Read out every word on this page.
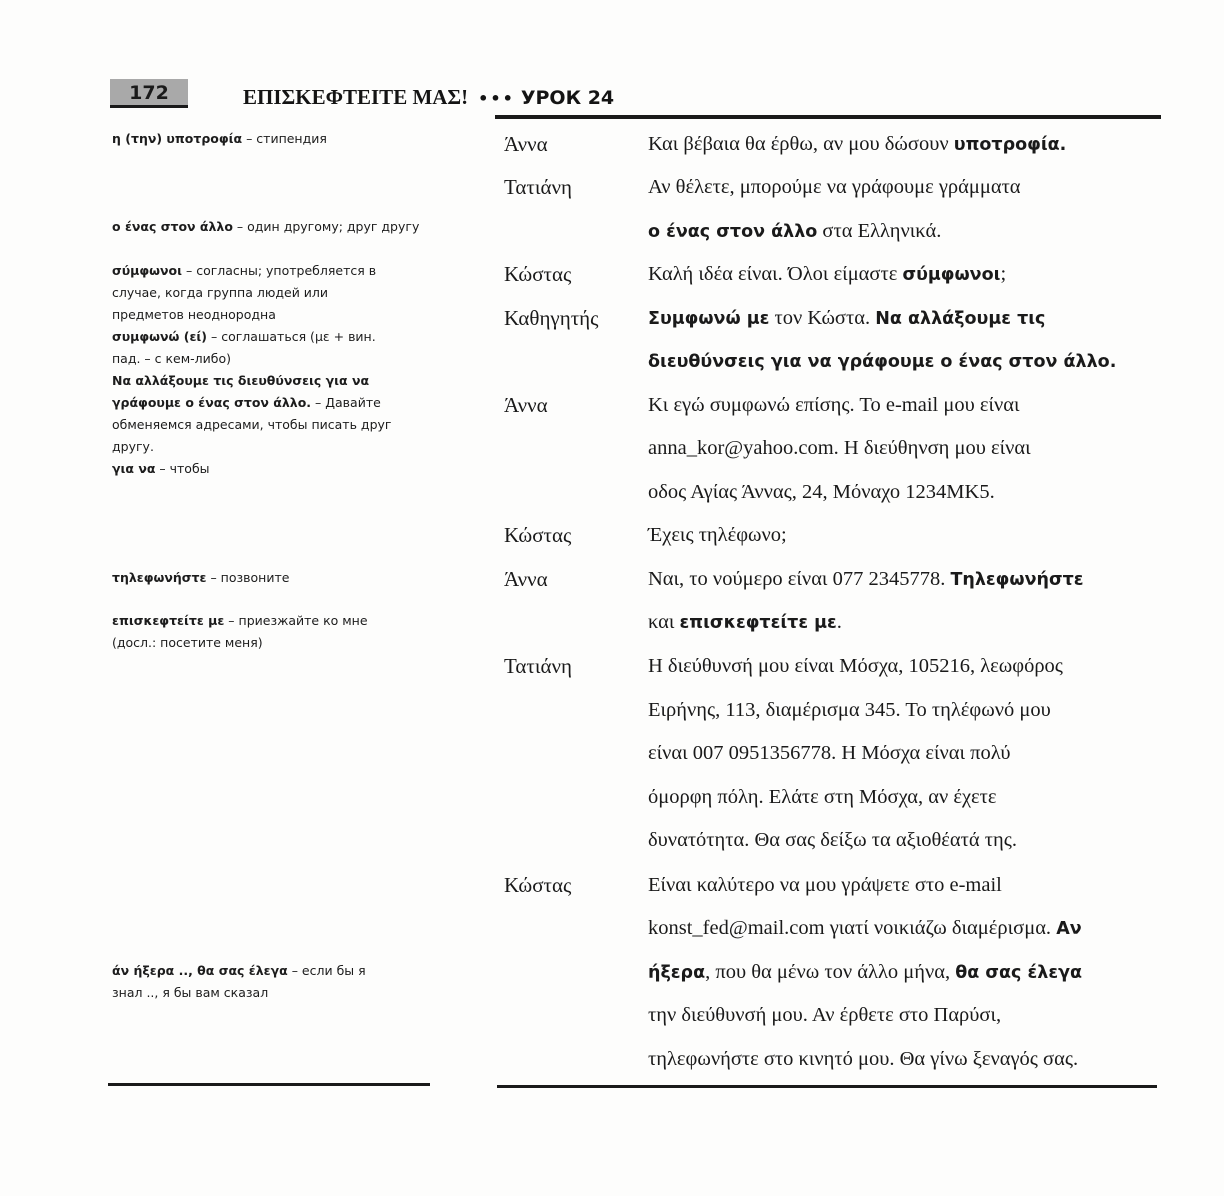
172	ΕΠΙΣΚΕΦΤΕΙΤΕ ΜΑΣ! ••• УРОК 24
η (την) υποτροφία – стипендия
ο ένας στον άλλο – один другому; друг другу
σύμφωνοι – согласны; употребляется в случае, когда группа людей или предметов неоднородна
συμφωνώ (εί) – соглашаться (με + вин. пад. – с кем-либо)
Να αλλάξουμε τις διευθύνσεις για να γράφουμε ο ένας στον άλλο. – Давайте обменяемся адресами, чтобы писать друг другу.
για να – чтобы
τηλεφωνήστε – позвоните
επισκεφτείτε με – приезжайте ко мне (досл.: посетите меня)
άν ήξερα .., θα σας έλεγα – если бы я знал .., я бы вам сказал
Άννα
Τατιάνη
Κώστας
Καθηγητής
Άννα
Κώστας
Άννα
Τατιάνη
Κώστας
Και βέβαια θα έρθω, αν μου δώσουν υποτροφία.
Αν θέλετε, μπορούμε να γράφουμε γράμματα
ο ένας στον άλλο στα Ελληνικά.
Καλή ιδέα είναι. Όλοι είμαστε σύμφωνοι;
Συμφωνώ με τον Κώστα. Να αλλάξουμε τις
διευθύνσεις για να γράφουμε ο ένας στον άλλο.
Κι εγώ συμφωνώ επίσης. Το e-mail μου είναι
anna_kor@yahoo.com. Η διεύθηνση μου είναι
οδος Αγίας Άννας, 24, Μόναχο 1234ΜΚ5.
Έχεις τηλέφωνο;
Ναι, το νούμερο είναι 077 2345778. Τηλεφωνήστε
και επισκεφτείτε με.
Η διεύθυνσή μου είναι Μόσχα, 105216, λεωφόρος
Ειρήνης, 113, διαμέρισμα 345. Το τηλέφωνό μου
είναι 007 0951356778. Η Μόσχα είναι πολύ
όμορφη πόλη. Ελάτε στη Μόσχα, αν έχετε
δυνατότητα. Θα σας δείξω τα αξιοθέατά της.
Είναι καλύτερο να μου γράψετε στο e-mail
konst_fed@mail.com γιατί νοικιάζω διαμέρισμα. Αν
ήξερα, που θα μένω τον άλλο μήνα, θα σας έλεγα
την διεύθυνσή μου. Αν έρθετε στο Παρύσι,
τηλεφωνήστε στο κινητό μου. Θα γίνω ξεναγός σας.
